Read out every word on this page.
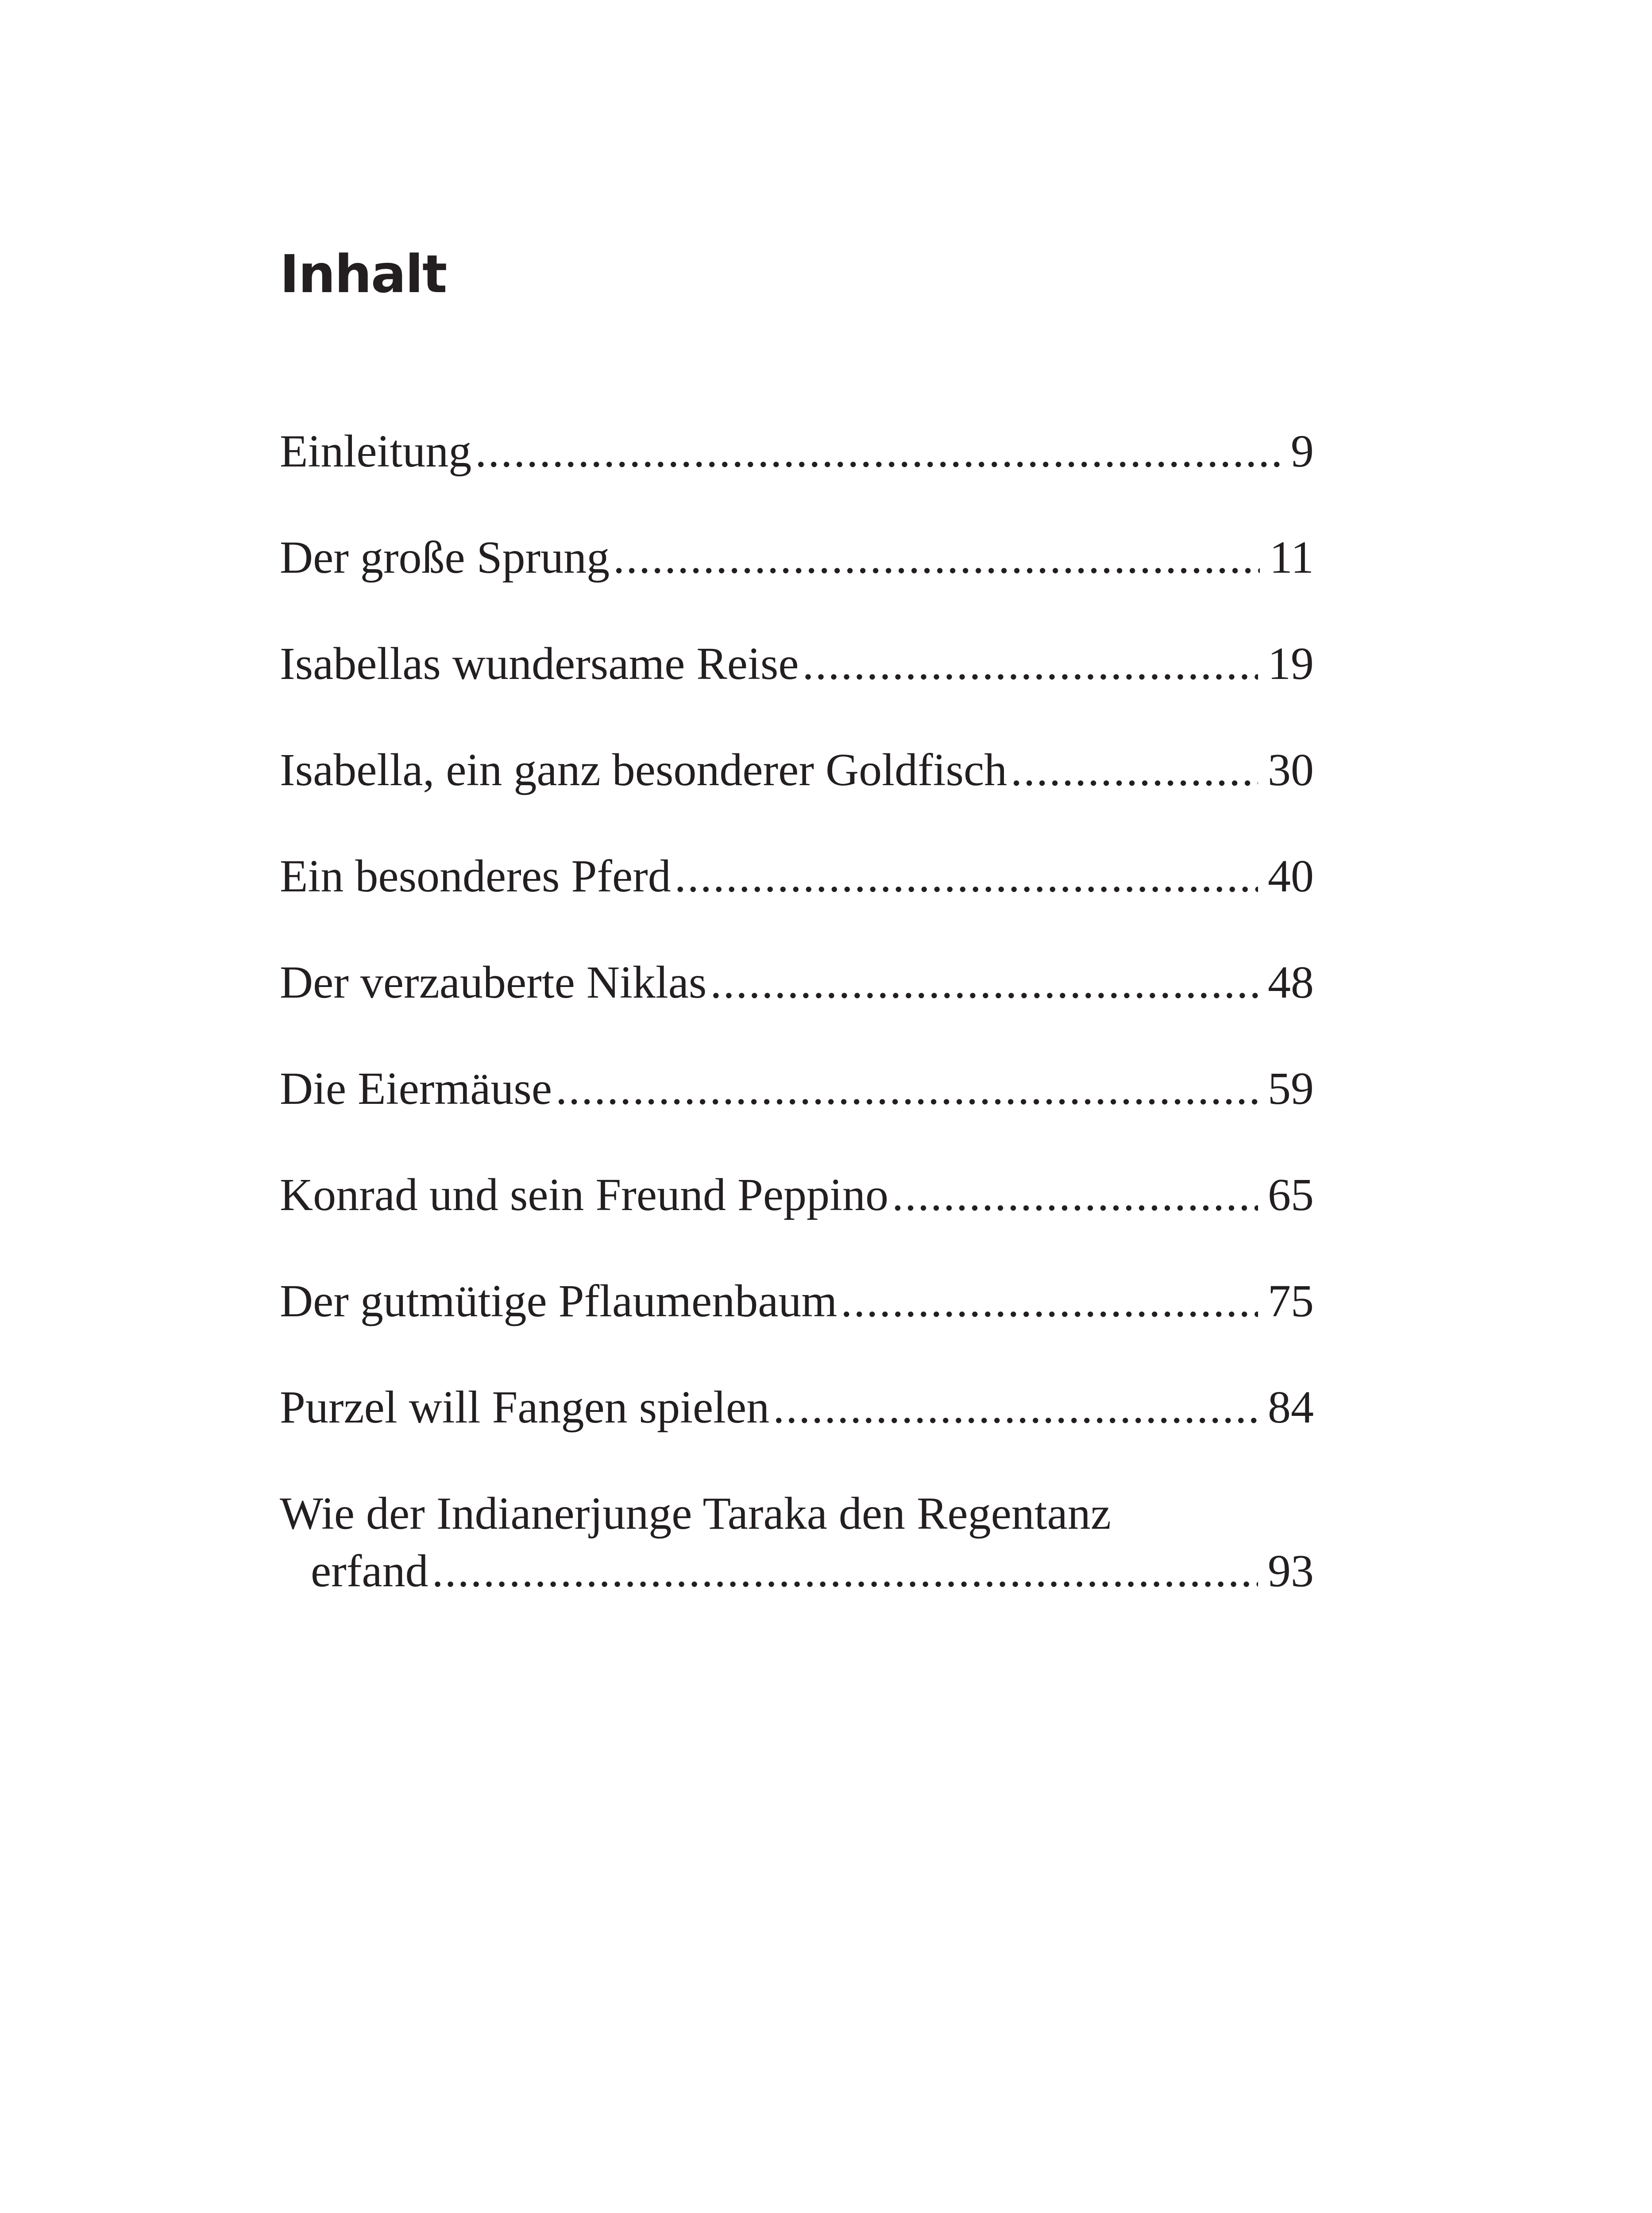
Inhalt
Einleitung .....	9
Der große Sprung .....	11
Isabellas wundersame Reise .....	19
Isabella, ein ganz besonderer Goldfisch .....	30
Ein besonderes Pferd .....	40
Der verzauberte Niklas .....	48
Die Eiermäuse .....	59
Konrad und sein Freund Peppino .....	65
Der gutmütige Pflaumenbaum .....	75
Purzel will Fangen spielen .....	84
Wie der Indianerjunge Taraka den Regentanz
erfand .....	93
